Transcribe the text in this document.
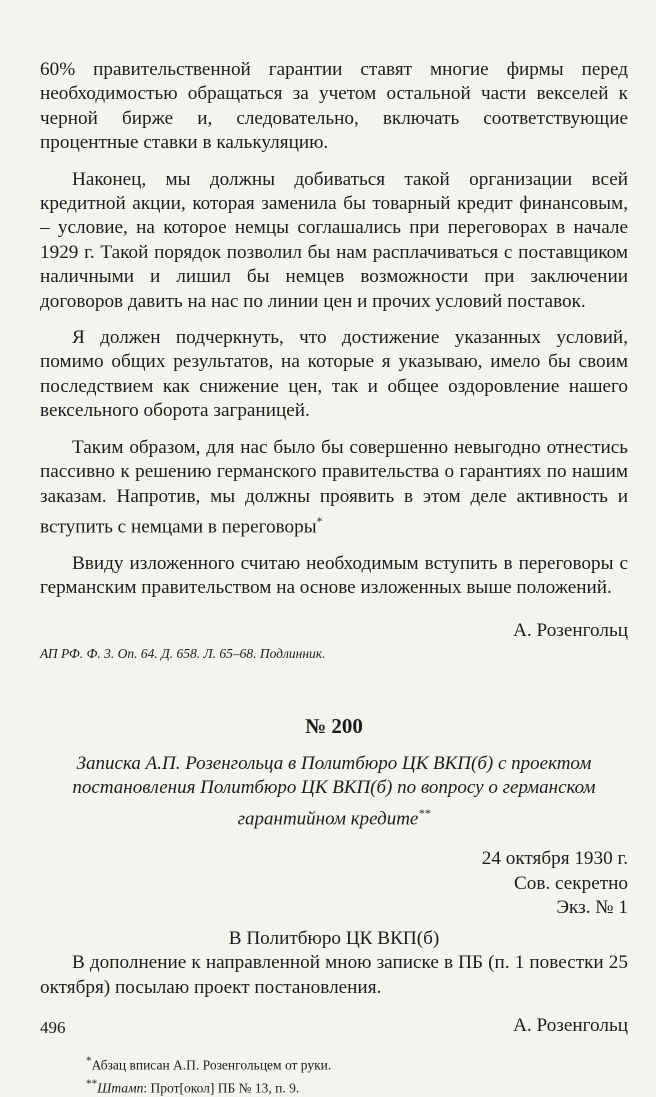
60% правительственной гарантии ставят многие фирмы перед необходимостью обращаться за учетом остальной части векселей к черной бирже и, следовательно, включать соответствующие процентные ставки в калькуляцию.

Наконец, мы должны добиваться такой организации всей кредитной акции, которая заменила бы товарный кредит финансовым, – условие, на которое немцы соглашались при переговорах в начале 1929 г. Такой порядок позволил бы нам расплачиваться с поставщиком наличными и лишил бы немцев возможности при заключении договоров давить на нас по линии цен и прочих условий поставок.

Я должен подчеркнуть, что достижение указанных условий, помимо общих результатов, на которые я указываю, имело бы своим последствием как снижение цен, так и общее оздоровление нашего вексельного оборота заграницей.

Таким образом, для нас было бы совершенно невыгодно отнестись пассивно к решению германского правительства о гарантиях по нашим заказам. Напротив, мы должны проявить в этом деле активность и вступить с немцами в переговоры*

Ввиду изложенного считаю необходимым вступить в переговоры с германским правительством на основе изложенных выше положений.

А. Розенгольц
АП РФ. Ф. 3. Оп. 64. Д. 658. Л. 65–68. Подлинник.
№ 200
Записка А.П. Розенгольца в Политбюро ЦК ВКП(б) с проектом постановления Политбюро ЦК ВКП(б) по вопросу о германском гарантийном кредите**
24 октября 1930 г.
Сов. секретно
Экз. № 1
В Политбюро ЦК ВКП(б)

В дополнение к направленной мною записке в ПБ (п. 1 повестки 25 октября) посылаю проект постановления.

А. Розенгольц
*Абзац вписан А.П. Розенгольцем от руки.
**Штамп: Прот[окол] ПБ № 13, п. 9.
496
